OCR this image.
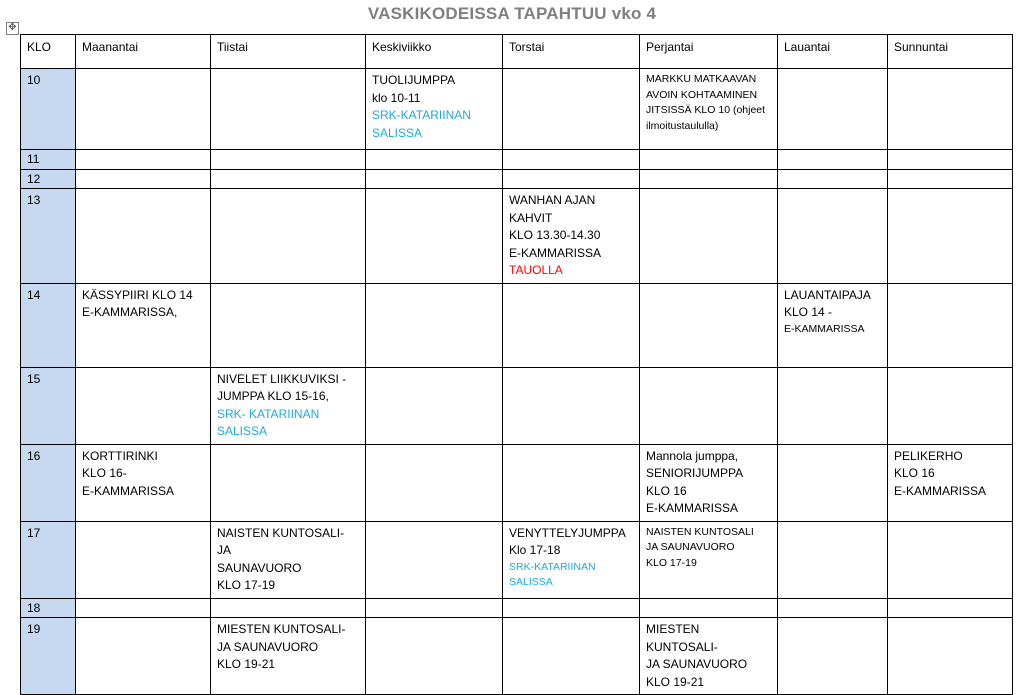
VASKIKODEISSA TAPAHTUU vko 4
✥
KLO	Maanantai	Tiistai	Keskiviikko	Torstai	Perjantai	Lauantai	Sunnuntai
10			TUOLIJUMPPA
klo 10-11
SRK-KATARIINAN
SALISSA		MARKKU MATKAAVAN
AVOIN KOHTAAMINEN
JITSISSÄ KLO 10 (ohjeet
ilmoitustaululla)		

11							
12							
13				WANHAN AJAN
KAHVIT
KLO 13.30-14.30
E-KAMMARISSA
TAUOLLA			

14	KÄSSYPIIRI KLO 14
E-KAMMARISSA,					LAUANTAIPAJA
KLO 14 -
E-KAMMARISSA	

15		NIVELET LIIKKUVIKSI -
JUMPPA KLO 15-16,
SRK- KATARIINAN
SALISSA					

16	KORTTIRINKI
KLO 16-
E-KAMMARISSA				Mannola jumppa,
SENIORIJUMPPA
KLO 16
E-KAMMARISSA		PELIKERHO
KLO 16
E-KAMMARISSA

17		NAISTEN KUNTOSALI- JA
SAUNAVUORO
KLO 17-19		VENYTTELYJUMPPA
Klo 17-18
SRK-KATARIINAN
SALISSA	NAISTEN KUNTOSALI
JA SAUNAVUORO
KLO 17-19		

18							
19		MIESTEN KUNTOSALI-
JA SAUNAVUORO
KLO 19-21			MIESTEN KUNTOSALI-
JA SAUNAVUORO
KLO 19-21		
